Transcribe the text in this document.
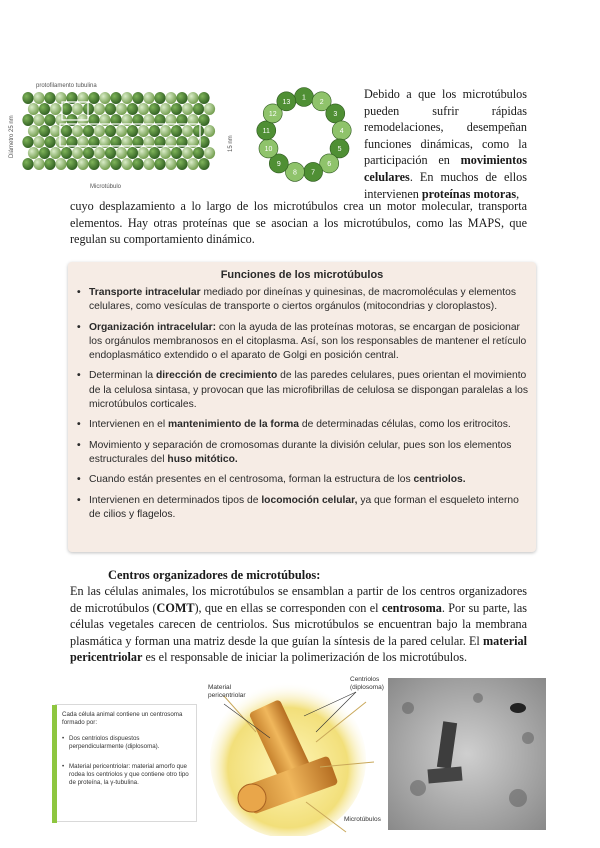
protofilamento tubulina
Diámetro 25 nm	15 nm
Microtúbulo
1
2
3
4
5
6
7
8
9
10
11
12
13
Debido a que los microtúbulos pueden sufrir rápidas remodelaciones, desempeñan funciones dinámicas, como la participación en movimientos celulares. En muchos de ellos intervienen proteínas motoras,
cuyo desplazamiento a lo largo de los microtúbulos crea un motor molecular, transporta elementos. Hay otras proteínas que se asocian a los microtúbulos, como las MAPS, que regulan su comportamiento dinámico.
Funciones de los microtúbulos
• Transporte intracelular mediado por dineínas y quinesinas, de macromoléculas y elementos celulares, como vesículas de transporte o ciertos orgánulos (mitocondrias y cloroplastos).
• Organización intracelular: con la ayuda de las proteínas motoras, se encargan de posicionar los orgánulos membranosos en el citoplasma. Así, son los responsables de mantener el retículo endoplasmático extendido o el aparato de Golgi en posición central.
• Determinan la dirección de crecimiento de las paredes celulares, pues orientan el movimiento de la celulosa sintasa, y provocan que las microfibrillas de celulosa se dispongan paralelas a los microtúbulos corticales.
• Intervienen en el mantenimiento de la forma de determinadas células, como los eritrocitos.
• Movimiento y separación de cromosomas durante la división celular, pues son los elementos estructurales del huso mitótico.
• Cuando están presentes en el centrosoma, forman la estructura de los centriolos.
• Intervienen en determinados tipos de locomoción celular, ya que forman el esqueleto interno de cilios y flagelos.
Centros organizadores de microtúbulos:
En las células animales, los microtúbulos se ensamblan a partir de los centros organizadores de microtúbulos (COMT), que en ellas se corresponden con el centrosoma. Por su parte, las células vegetales carecen de centriolos. Sus microtúbulos se encuentran bajo la membrana plasmática y forman una matriz desde la que guían la síntesis de la pared celular. El material pericentriolar es el responsable de iniciar la polimerización de los microtúbulos.
Cada célula animal contiene un centrosoma formado por:
• Dos centriolos dispuestos perpendicularmente (diplosoma).
• Material pericentriolar: material amorfo que rodea los centriolos y que contiene otro tipo de proteína, la γ-tubulina.
Material pericentriolar
Centriolos (diplosoma)
Microtúbulos
